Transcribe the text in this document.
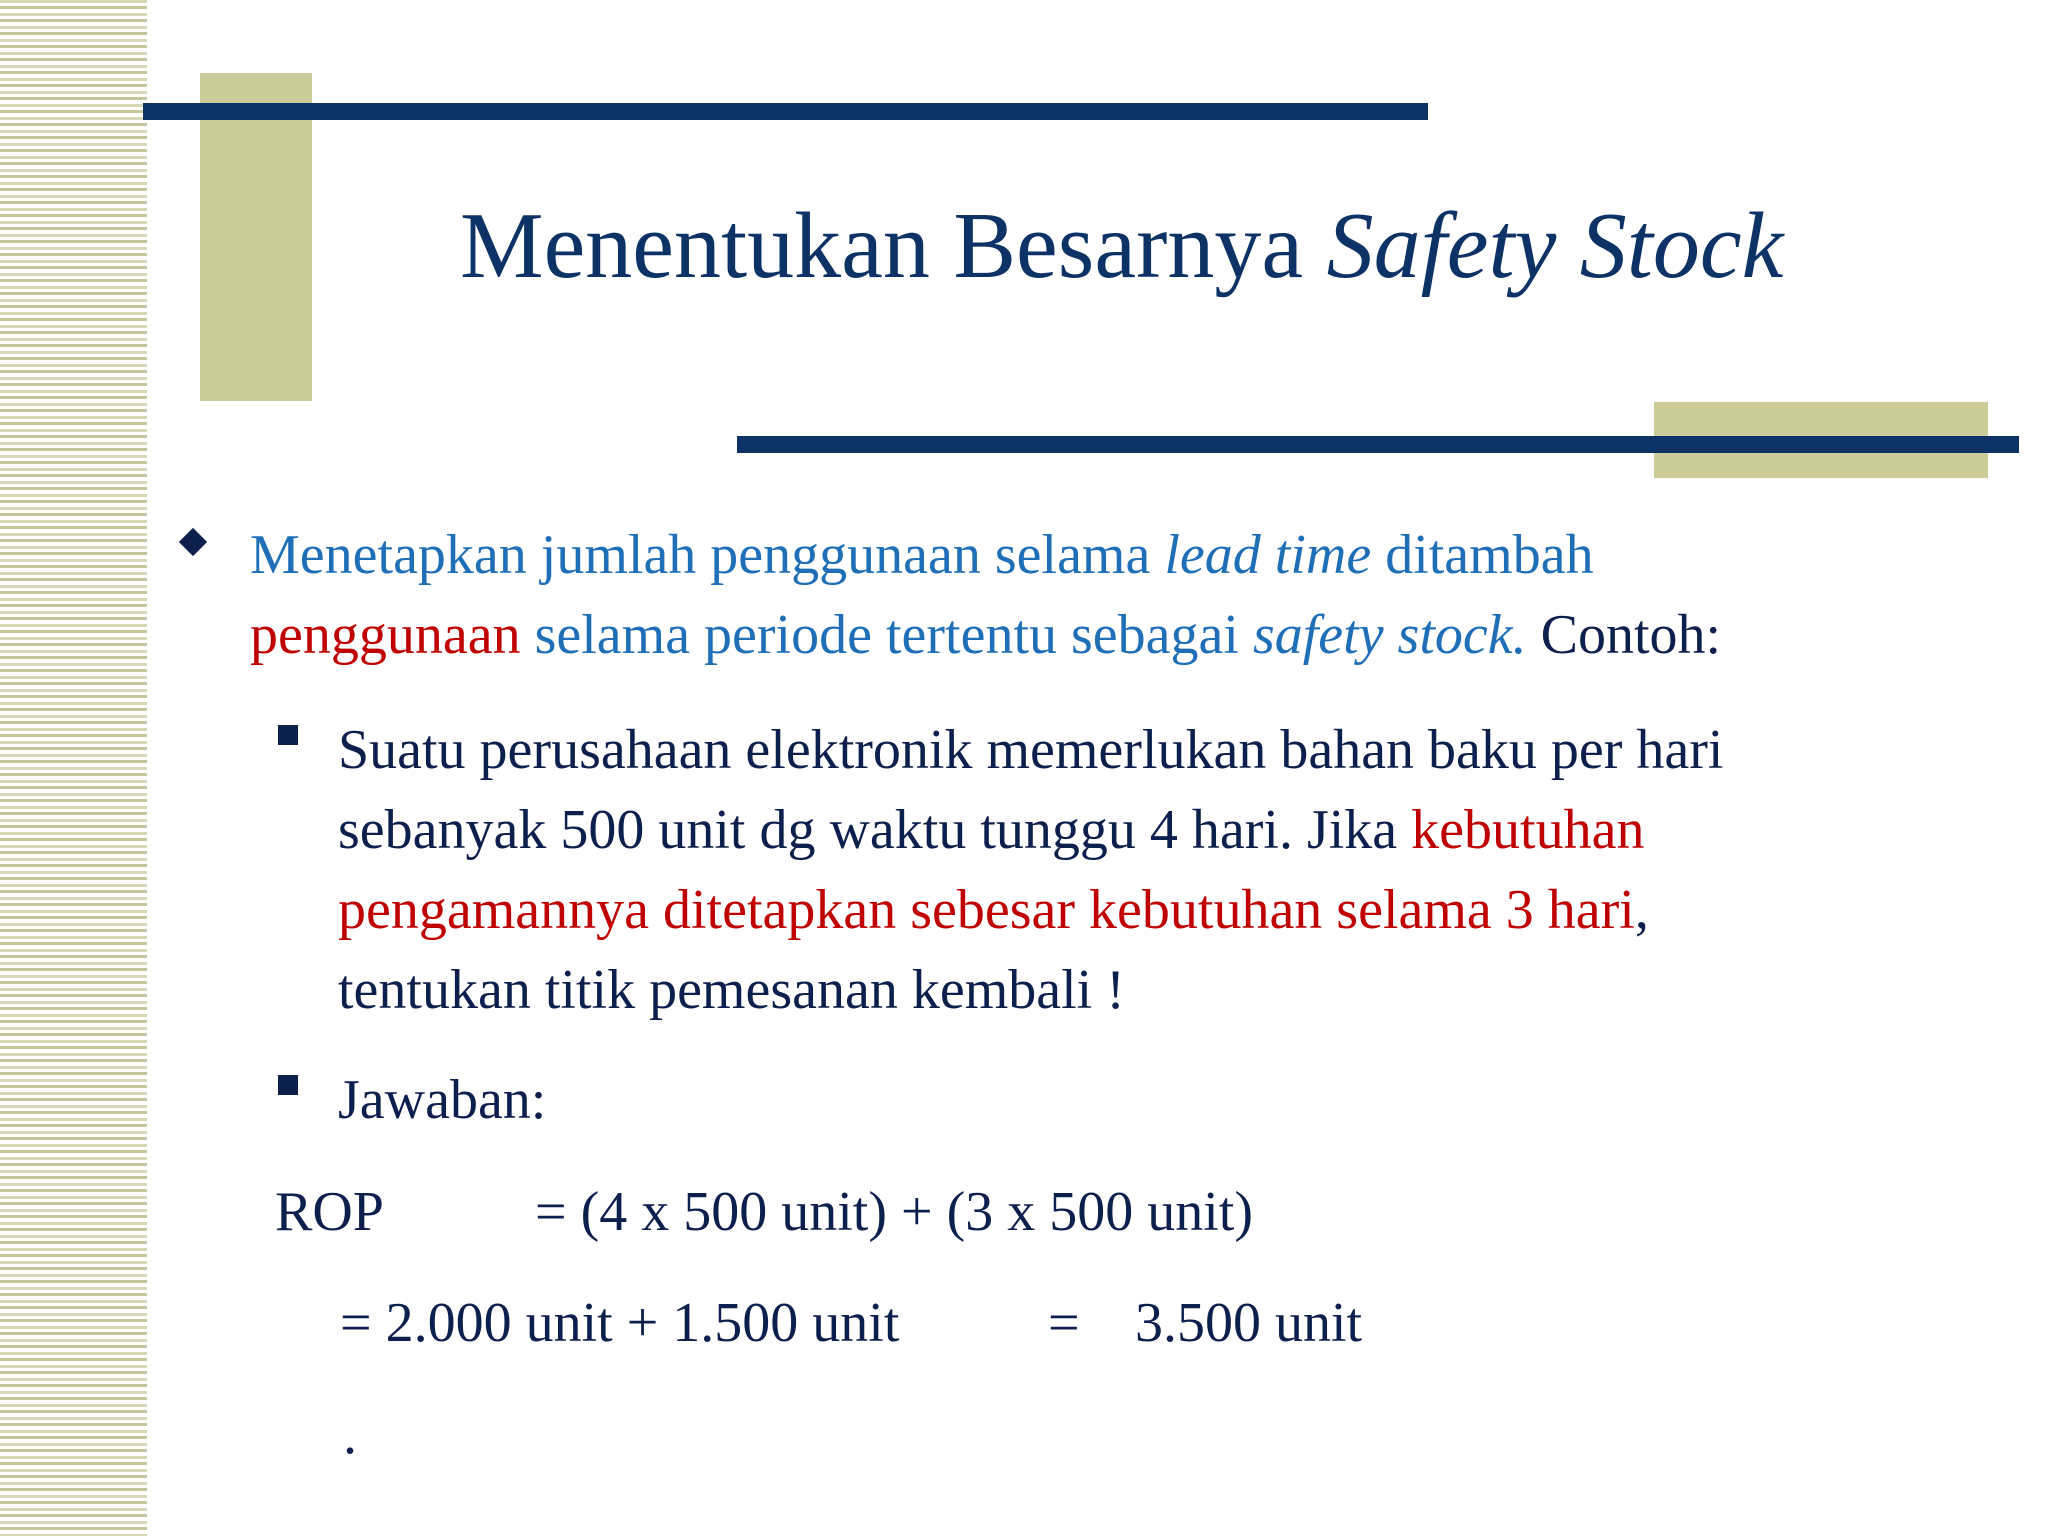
Menentukan Besarnya Safety Stock
Menetapkan jumlah penggunaan selama lead time ditambah
penggunaan selama periode tertentu sebagai safety stock. Contoh:
Suatu perusahaan elektronik memerlukan bahan baku per hari
sebanyak 500 unit dg waktu tunggu 4 hari. Jika kebutuhan
pengamannya ditetapkan sebesar kebutuhan selama 3 hari,
tentukan titik pemesanan kembali !
Jawaban:
ROP	= (4 x 500 unit) + (3 x 500 unit)
= 2.000 unit + 1.500 unit	= 3.500 unit
.
